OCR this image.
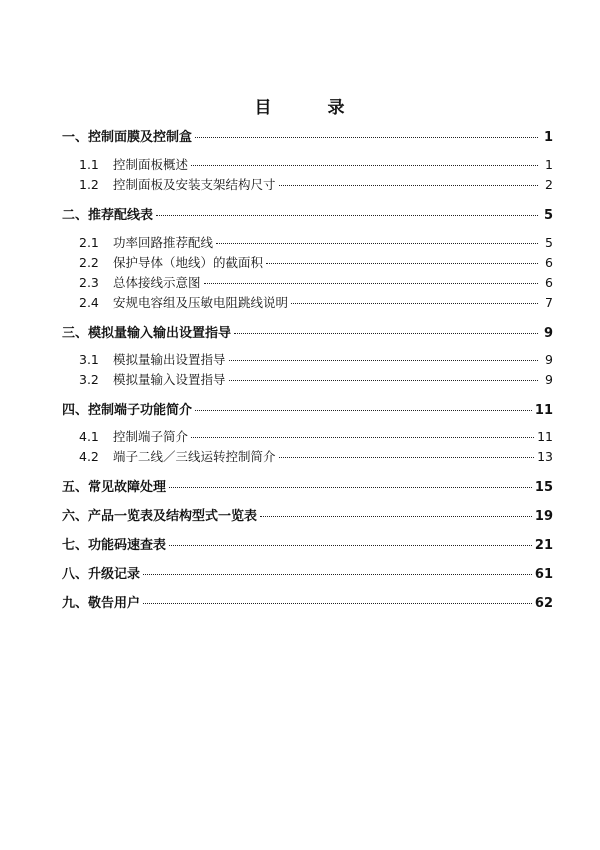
目	录
一、控制面膜及控制盒	1
1.1	控制面板概述	1
1.2	控制面板及安装支架结构尺寸	2
二、推荐配线表	5
2.1	功率回路推荐配线	5
2.2	保护导体（地线）的截面积	6
2.3	总体接线示意图	6
2.4	安规电容组及压敏电阻跳线说明	7
三、模拟量输入输出设置指导	9
3.1	模拟量输出设置指导	9
3.2	模拟量输入设置指导	9
四、控制端子功能简介	11
4.1	控制端子简介	11
4.2	端子二线／三线运转控制简介	13
五、常见故障处理	15
六、产品一览表及结构型式一览表	19
七、功能码速查表	21
八、升级记录	61
九、敬告用户	62
